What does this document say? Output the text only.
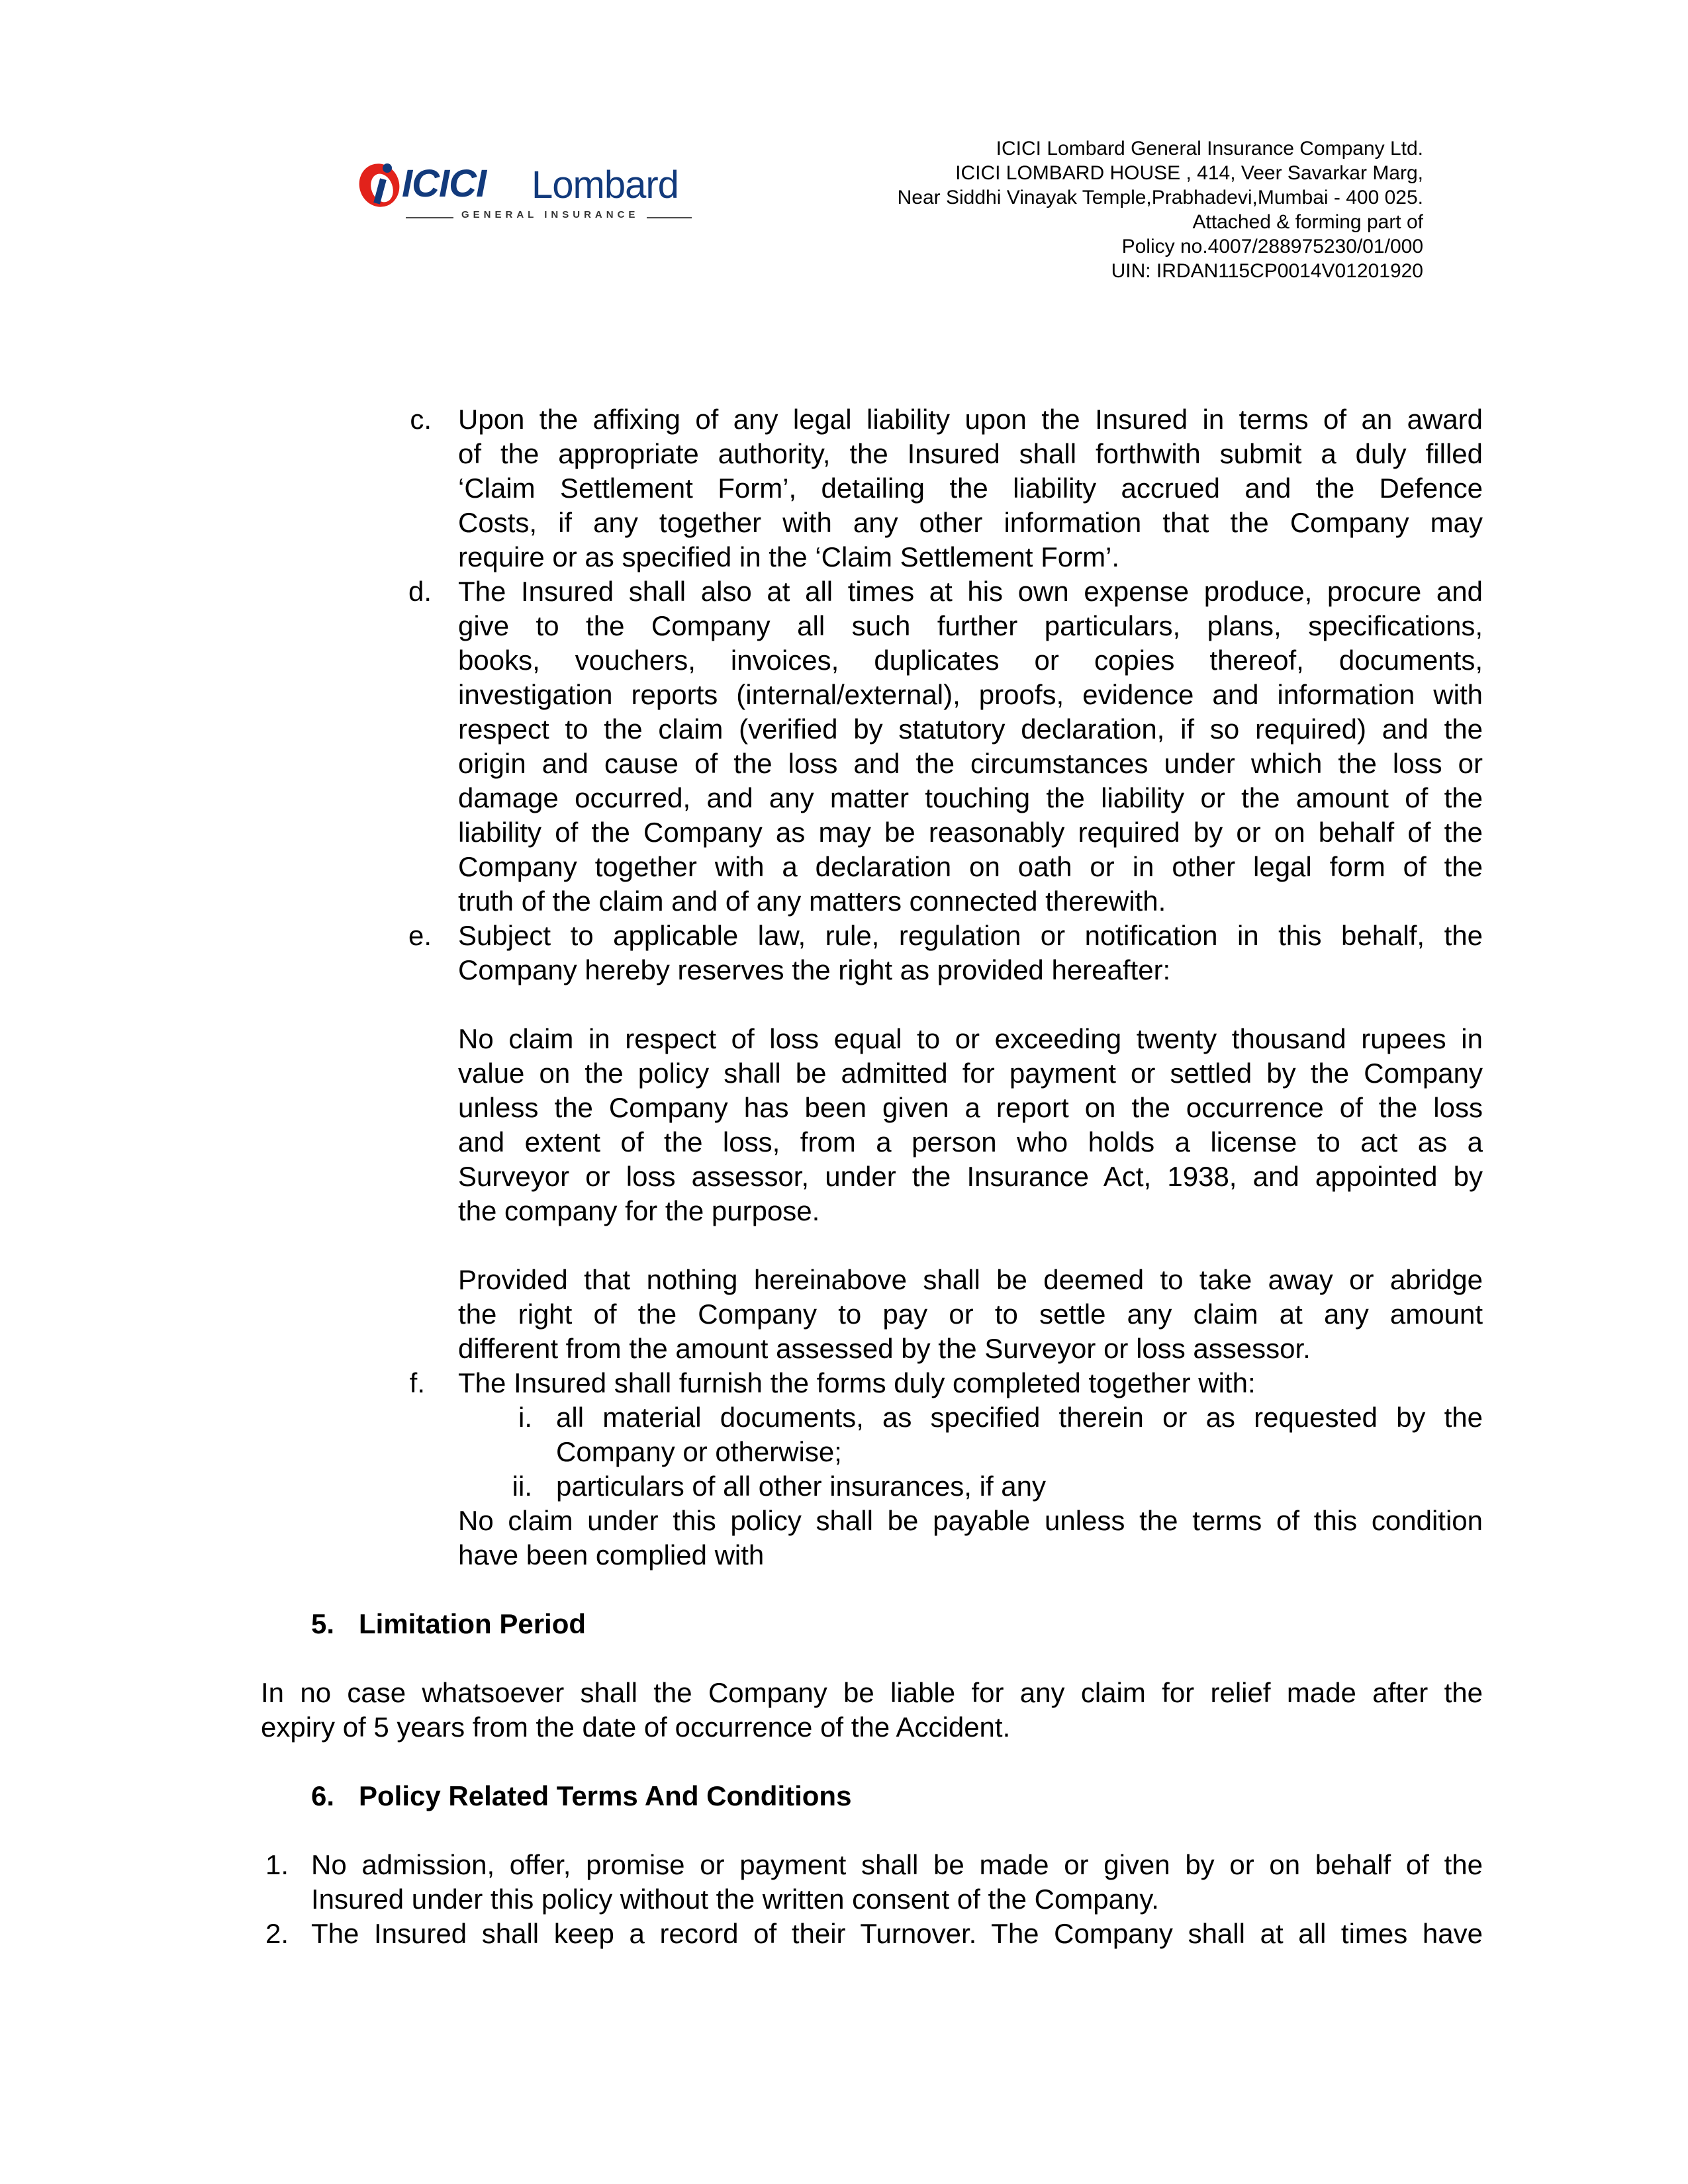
ICICI Lombard
GENERAL INSURANCE
ICICI Lombard General Insurance Company Ltd.
ICICI LOMBARD HOUSE , 414, Veer Savarkar Marg,
Near Siddhi Vinayak Temple,Prabhadevi,Mumbai - 400 025.
Attached & forming part of
Policy no.4007/288975230/01/000
UIN: IRDAN115CP0014V01201920
c. Upon the affixing of any legal liability upon the Insured in terms of an award
of the appropriate authority, the Insured shall forthwith submit a duly filled
‘Claim Settlement Form’, detailing the liability accrued and the Defence
Costs, if any together with any other information that the Company may
require or as specified in the ‘Claim Settlement Form’.
d. The Insured shall also at all times at his own expense produce, procure and
give to the Company all such further particulars, plans, specifications,
books, vouchers, invoices, duplicates or copies thereof, documents,
investigation reports (internal/external), proofs, evidence and information with
respect to the claim (verified by statutory declaration, if so required) and the
origin and cause of the loss and the circumstances under which the loss or
damage occurred, and any matter touching the liability or the amount of the
liability of the Company as may be reasonably required by or on behalf of the
Company together with a declaration on oath or in other legal form of the
truth of the claim and of any matters connected therewith.
e. Subject to applicable law, rule, regulation or notification in this behalf, the
Company hereby reserves the right as provided hereafter:
No claim in respect of loss equal to or exceeding twenty thousand rupees in
value on the policy shall be admitted for payment or settled by the Company
unless the Company has been given a report on the occurrence of the loss
and extent of the loss, from a person who holds a license to act as a
Surveyor or loss assessor, under the Insurance Act, 1938, and appointed by
the company for the purpose.
Provided that nothing hereinabove shall be deemed to take away or abridge
the right of the Company to pay or to settle any claim at any amount
different from the amount assessed by the Surveyor or loss assessor.
f. The Insured shall furnish the forms duly completed together with:
i. all material documents, as specified therein or as requested by the
Company or otherwise;
ii. particulars of all other insurances, if any
No claim under this policy shall be payable unless the terms of this condition
have been complied with
5. Limitation Period
In no case whatsoever shall the Company be liable for any claim for relief made after the
expiry of 5 years from the date of occurrence of the Accident.
6. Policy Related Terms And Conditions
1. No admission, offer, promise or payment shall be made or given by or on behalf of the
Insured under this policy without the written consent of the Company.
2. The Insured shall keep a record of their Turnover. The Company shall at all times have
